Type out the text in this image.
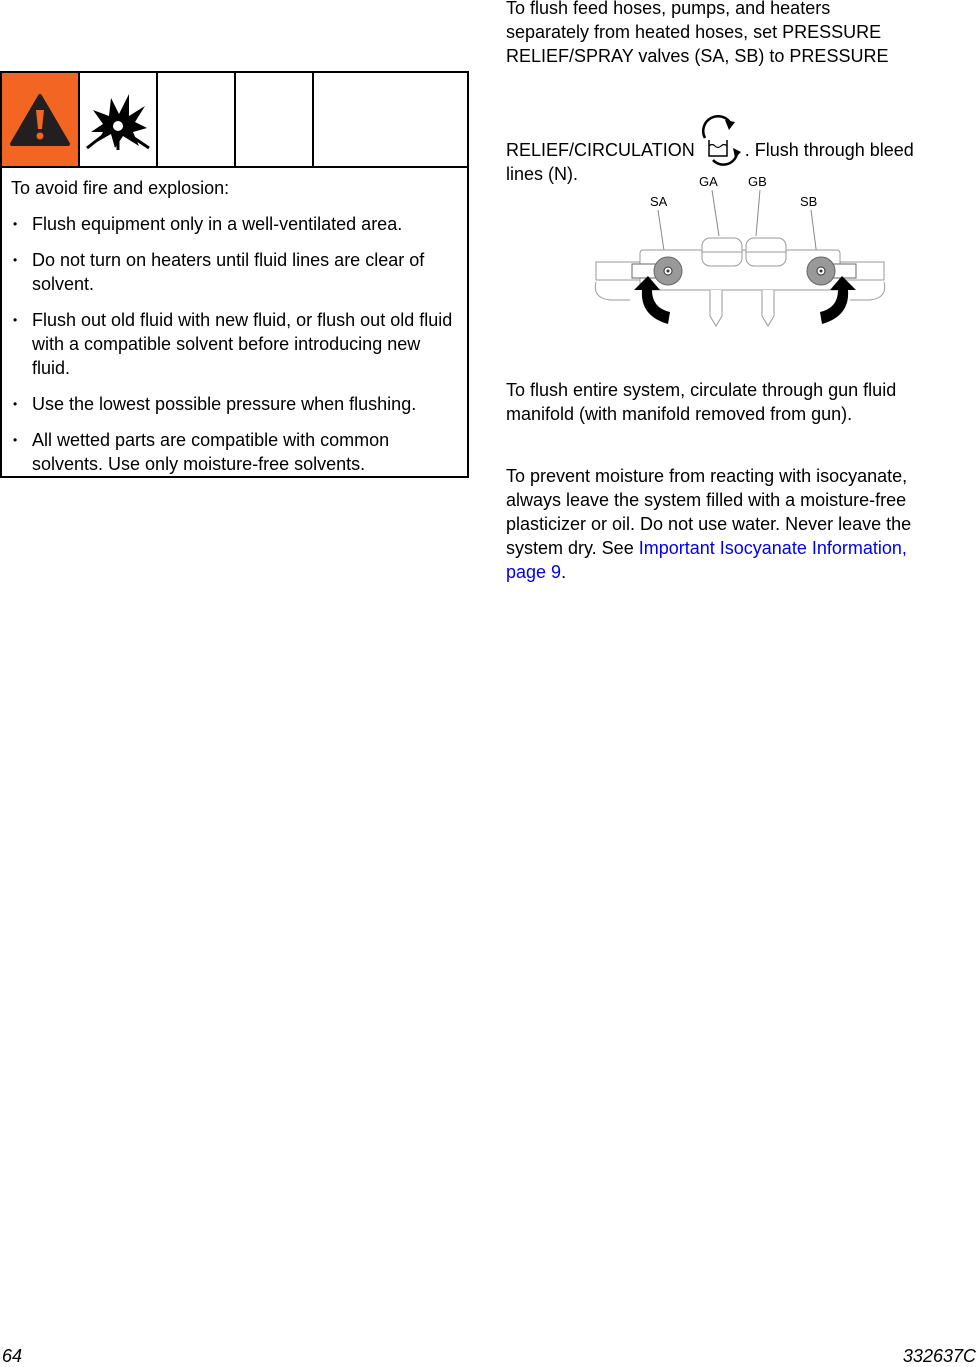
To avoid fire and explosion:

• Flush equipment only in a well-ventilated area.
• Do not turn on heaters until fluid lines are clear of solvent.
• Flush out old fluid with new fluid, or flush out old fluid with a compatible solvent before introducing new fluid.
• Use the lowest possible pressure when flushing.
• All wetted parts are compatible with common solvents. Use only moisture-free solvents.
To flush feed hoses, pumps, and heaters
separately from heated hoses, set PRESSURE
RELIEF/SPRAY valves (SA, SB) to PRESSURE
RELIEF/CIRCULATION	. Flush through bleed
lines (N).	GA GB
SA	SB
To flush entire system, circulate through gun fluid manifold (with manifold removed from gun).
To prevent moisture from reacting with isocyanate, always leave the system filled with a moisture-free plasticizer or oil. Do not use water. Never leave the system dry. See Important Isocyanate Information, page 9.
64	332637C
